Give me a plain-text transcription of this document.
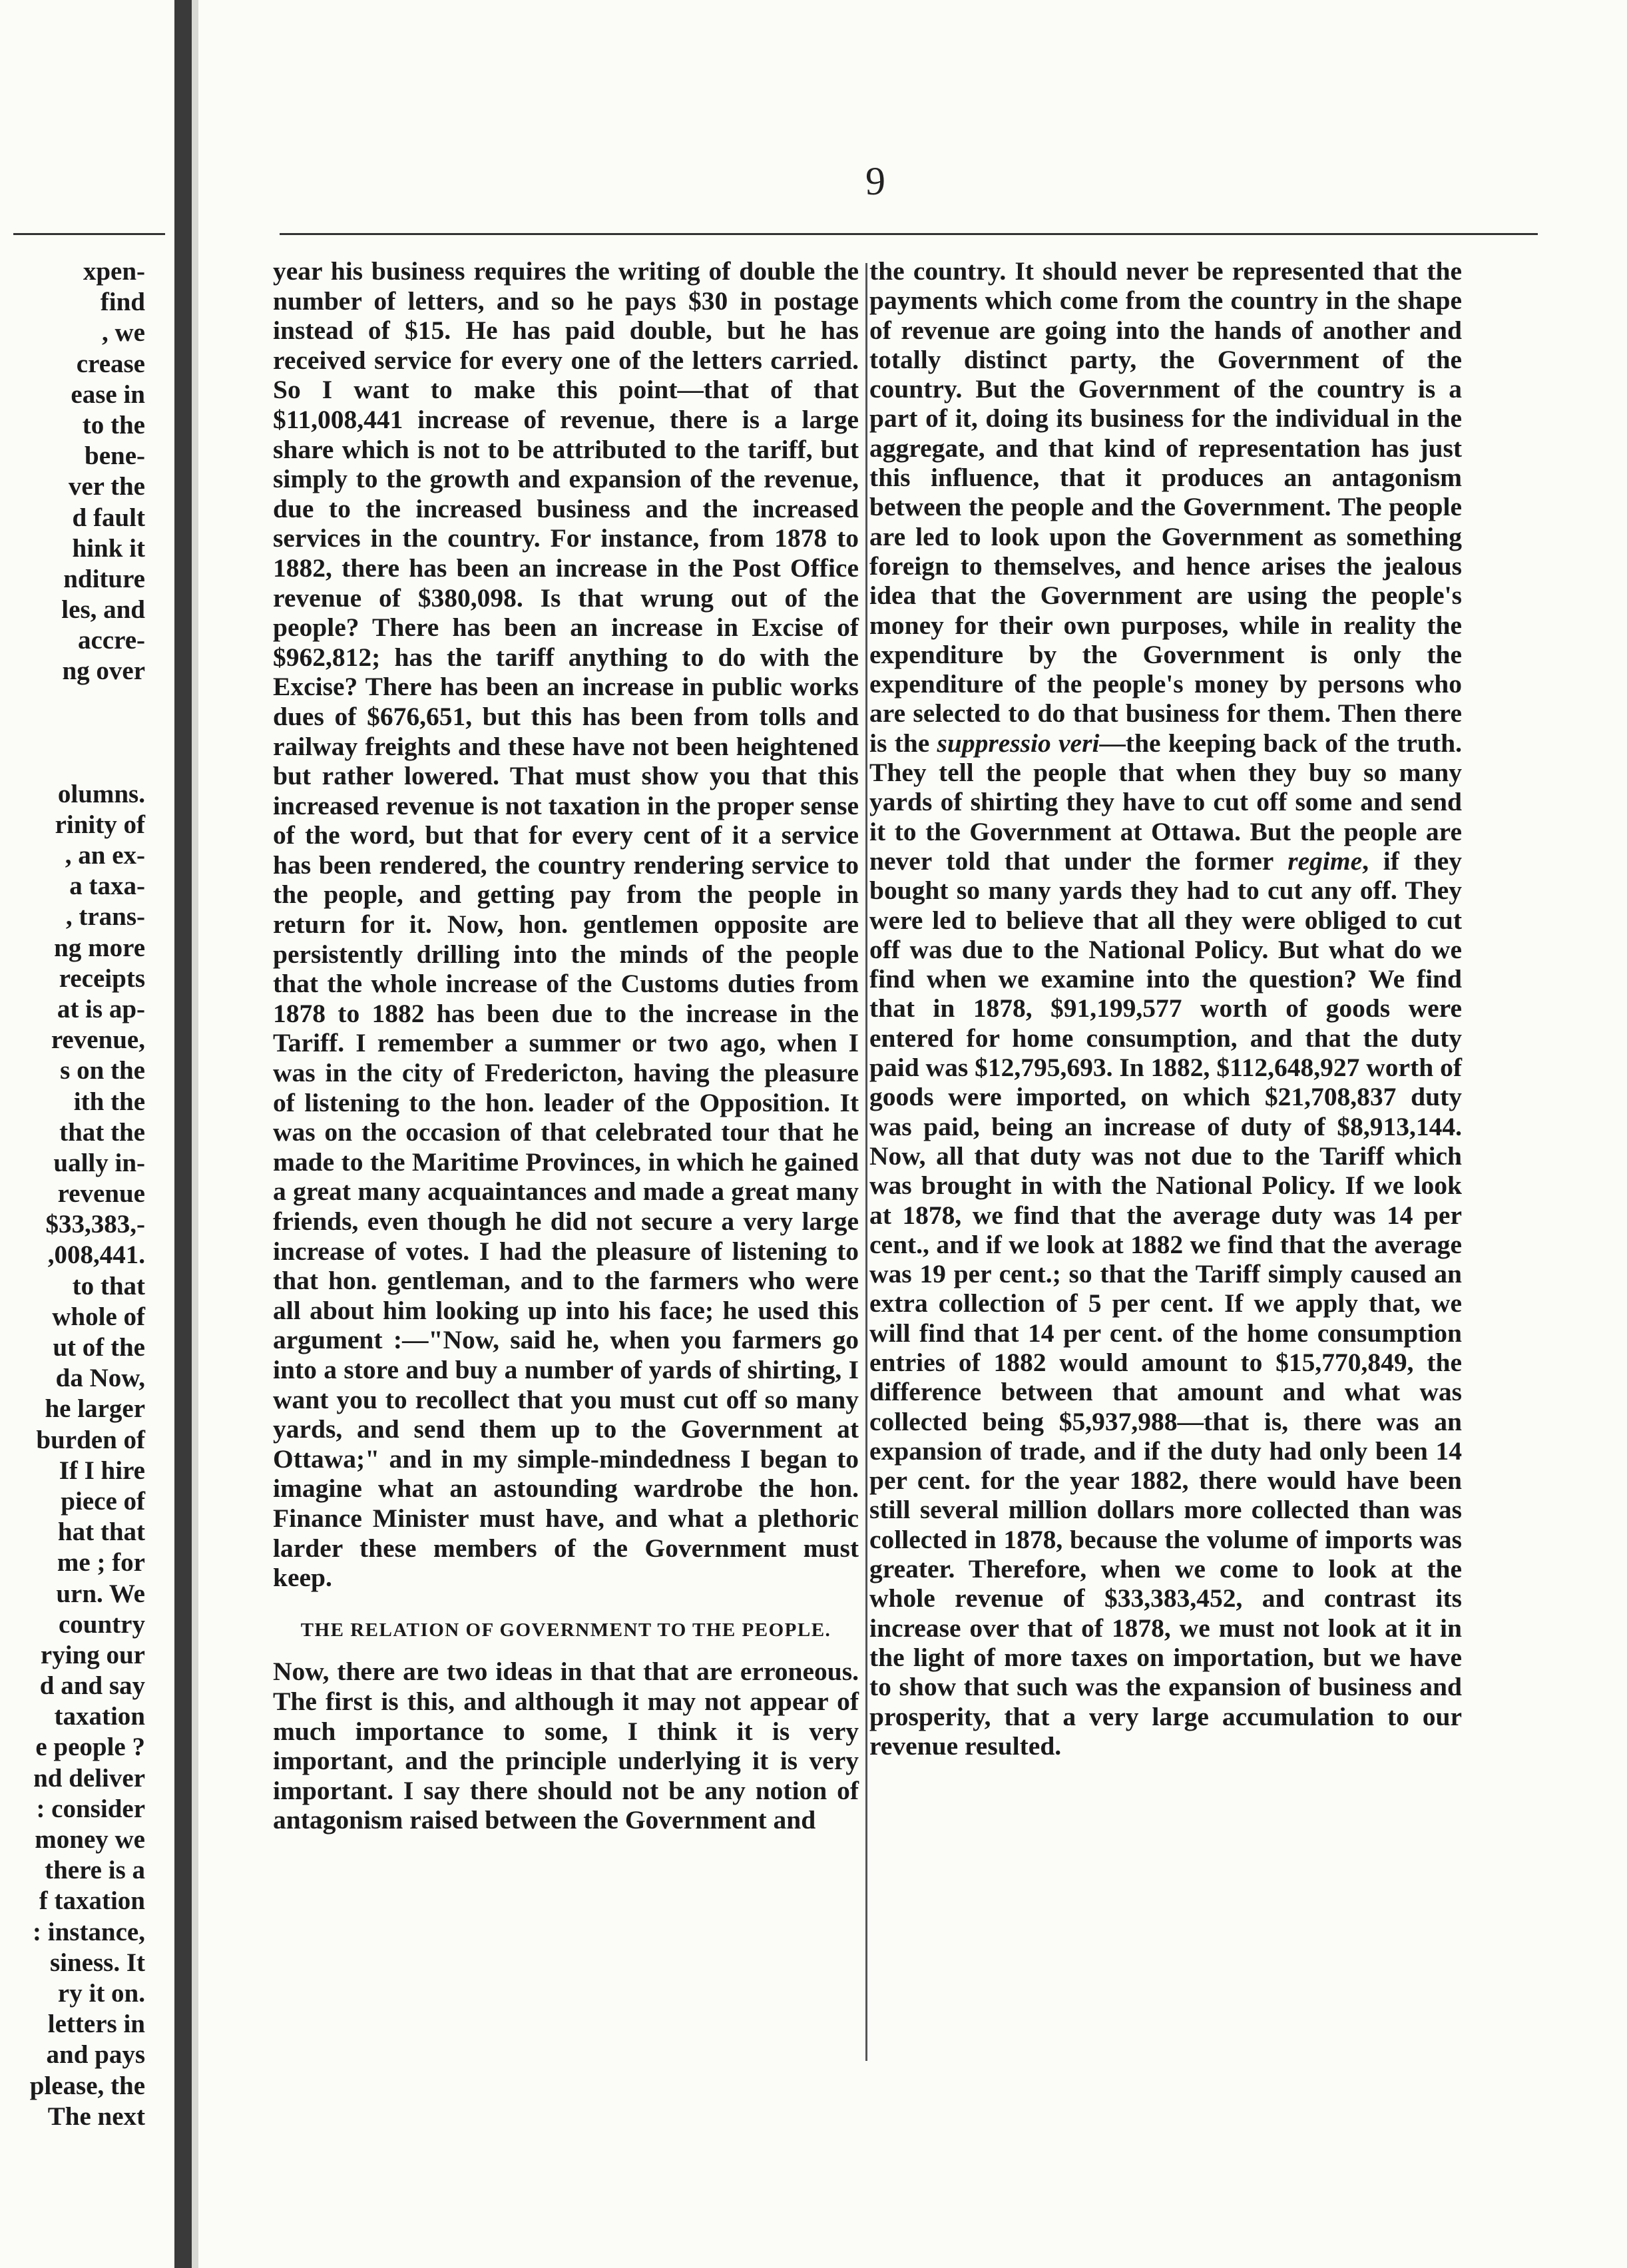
9
xpen-
find
, we
crease
ease in
to the
bene-
ver the
d fault
hink it
nditure
les, and
accre-
ng over
olumns.
rinity of
, an ex-
a taxa-
, trans-
ng more
receipts
at is ap-
revenue,
s on the
ith the
that the
ually in-
revenue
$33,383,-
,008,441.
to that
whole of
ut of the
da Now,
he larger
burden of
If I hire
piece of
hat that
me ; for
urn. We
country
rying our
d and say
taxation
e people ?
nd deliver
: consider
money we
there is a
f taxation
: instance,
siness. It
ry it on.
letters in
and pays
please, the
The next

year his business requires the writing of double the number of letters, and so he pays $30 in postage instead of $15. He has paid double, but he has received service for every one of the letters carried. So I want to make this point—that of that $11,008,441 increase of revenue, there is a large share which is not to be attributed to the tariff, but simply to the growth and expansion of the revenue, due to the increased business and the increased services in the country. For instance, from 1878 to 1882, there has been an increase in the Post Office revenue of $380,098. Is that wrung out of the people? There has been an increase in Excise of $962,812; has the tariff anything to do with the Excise? There has been an increase in public works dues of $676,651, but this has been from tolls and railway freights and these have not been heightened but rather lowered. That must show you that this increased revenue is not taxation in the proper sense of the word, but that for every cent of it a service has been rendered, the country rendering service to the people, and getting pay from the people in return for it. Now, hon. gentlemen opposite are persistently drilling into the minds of the people that the whole increase of the Customs duties from 1878 to 1882 has been due to the increase in the Tariff. I remember a summer or two ago, when I was in the city of Fredericton, having the pleasure of listening to the hon. leader of the Opposition. It was on the occasion of that celebrated tour that he made to the Maritime Provinces, in which he gained a great many acquaintances and made a great many friends, even though he did not secure a very large increase of votes. I had the pleasure of listening to that hon. gentleman, and to the farmers who were all about him looking up into his face; he used this argument :—"Now, said he, when you farmers go into a store and buy a number of yards of shirting, I want you to recollect that you must cut off so many yards, and send them up to the Government at Ottawa;" and in my simple-mindedness I began to imagine what an astounding wardrobe the hon. Finance Minister must have, and what a plethoric larder these members of the Government must keep.

THE RELATION OF GOVERNMENT TO THE PEOPLE.

Now, there are two ideas in that that are erroneous. The first is this, and although it may not appear of much importance to some, I think it is very important, and the principle underlying it is very important. I say there should not be any notion of antagonism raised between the Government and

the country. It should never be represented that the payments which come from the country in the shape of revenue are going into the hands of another and totally distinct party, the Government of the country. But the Government of the country is a part of it, doing its business for the individual in the aggregate, and that kind of representation has just this influence, that it produces an antagonism between the people and the Government. The people are led to look upon the Government as something foreign to themselves, and hence arises the jealous idea that the Government are using the people's money for their own purposes, while in reality the expenditure by the Government is only the expenditure of the people's money by persons who are selected to do that business for them. Then there is the suppressio veri—the keeping back of the truth. They tell the people that when they buy so many yards of shirting they have to cut off some and send it to the Government at Ottawa. But the people are never told that under the former regime, if they bought so many yards they had to cut any off. They were led to believe that all they were obliged to cut off was due to the National Policy. But what do we find when we examine into the question? We find that in 1878, $91,199,577 worth of goods were entered for home consumption, and that the duty paid was $12,795,693. In 1882, $112,648,927 worth of goods were imported, on which $21,708,837 duty was paid, being an increase of duty of $8,913,144. Now, all that duty was not due to the Tariff which was brought in with the National Policy. If we look at 1878, we find that the average duty was 14 per cent., and if we look at 1882 we find that the average was 19 per cent.; so that the Tariff simply caused an extra collection of 5 per cent. If we apply that, we will find that 14 per cent. of the home consumption entries of 1882 would amount to $15,770,849, the difference between that amount and what was collected being $5,937,988—that is, there was an expansion of trade, and if the duty had only been 14 per cent. for the year 1882, there would have been still several million dollars more collected than was collected in 1878, because the volume of imports was greater. Therefore, when we come to look at the whole revenue of $33,383,452, and contrast its increase over that of 1878, we must not look at it in the light of more taxes on importation, but we have to show that such was the expansion of business and prosperity, that a very large accumulation to our revenue resulted.
